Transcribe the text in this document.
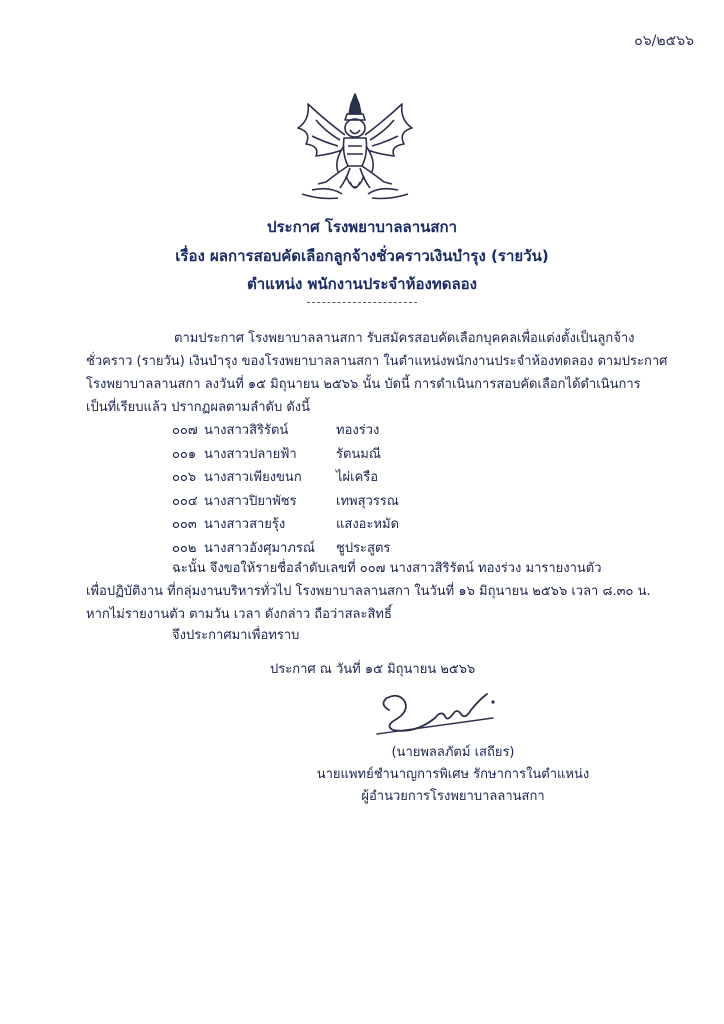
๐๖/๒๕๖๖
ประกาศ โรงพยาบาลลานสกา
เรื่อง ผลการสอบคัดเลือกลูกจ้างชั่วคราวเงินบำรุง (รายวัน)
ตำแหน่ง พนักงานประจำห้องทดลอง
ตามประกาศ โรงพยาบาลลานสกา รับสมัครสอบคัดเลือกบุคคลเพื่อแต่งตั้งเป็นลูกจ้าง
ชั่วคราว (รายวัน) เงินบำรุง ของโรงพยาบาลลานสกา ในตำแหน่งพนักงานประจำห้องทดลอง ตามประกาศ
โรงพยาบาลลานสกา ลงวันที่ ๑๕ มิถุนายน ๒๕๖๖ นั้น บัดนี้ การดำเนินการสอบคัดเลือกได้ดำเนินการ
เป็นที่เรียบแล้ว ปรากฏผลตามลำดับ ดังนี้
๐๐๗ นางสาวสิริรัตน์	ทองร่วง
๐๐๑ นางสาวปลายฟ้า	รัตนมณี
๐๐๖ นางสาวเพียงขนก	ไผ่เครือ
๐๐๔ นางสาวปิยาพัชร	เทพสุวรรณ
๐๐๓ นางสาวสายรุ้ง	แสงอะหมัด
๐๐๒ นางสาวอังศุมาภรณ์ ชูประสูตร
ฉะนั้น จึงขอให้รายชื่อลำดับเลขที่ ๐๐๗ นางสาวสิริรัตน์ ทองร่วง มารายงานตัว
เพื่อปฏิบัติงาน ที่กลุ่มงานบริหารทั่วไป โรงพยาบาลลานสกา ในวันที่ ๑๖ มิถุนายน ๒๕๖๖ เวลา ๘.๓๐ น.
หากไม่รายงานตัว ตามวัน เวลา ดังกล่าว ถือว่าสละสิทธิ์
จึงประกาศมาเพื่อทราบ
ประกาศ ณ วันที่ ๑๕ มิถุนายน ๒๕๖๖
(นายพลลภัตม์ เสถียร)
นายแพทย์ชำนาญการพิเศษ รักษาการในตำแหน่ง
ผู้อำนวยการโรงพยาบาลลานสกา
